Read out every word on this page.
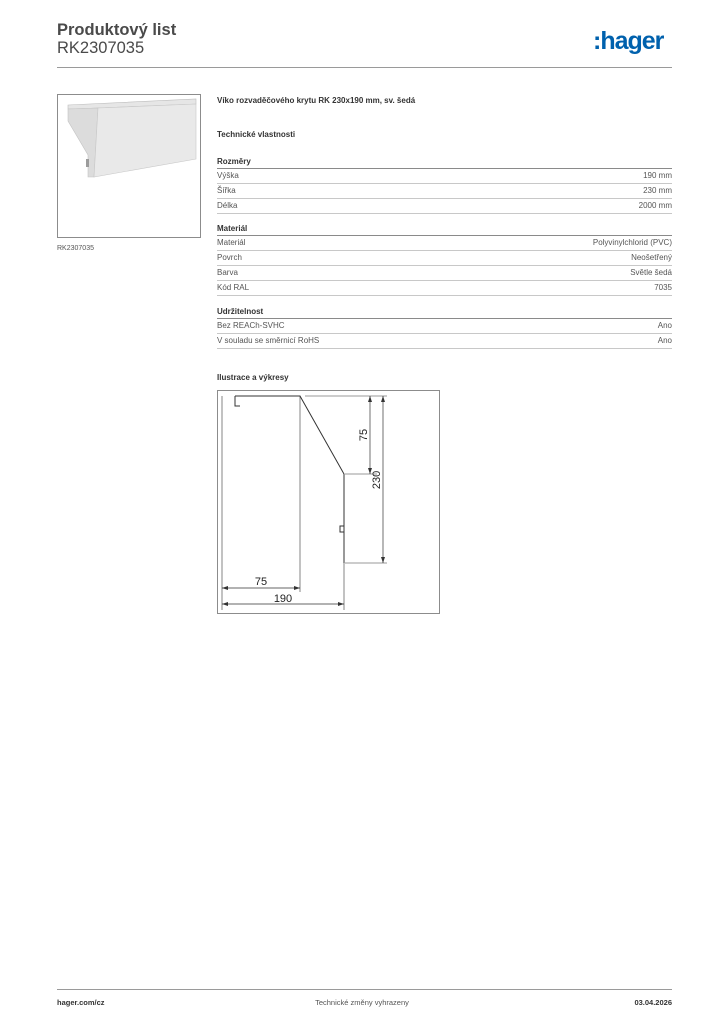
Produktový list
RK2307035	:hager
RK2307035
Víko rozvaděčového krytu RK 230x190 mm, sv. šedá
Technické vlastnosti
Rozměry
Výška	190 mm
Šířka	230 mm
Délka	2000 mm
Materiál
Materiál	Polyvinylchlorid (PVC)
Povrch	Neošetřený
Barva	Světle šedá
Kód RAL	7035
Udržitelnost
Bez REACh-SVHC	Ano
V souladu se směrnicí RoHS	Ano
Ilustrace a výkresy
75
230
75
190
hager.com/cz	Technické změny vyhrazeny	03.04.2026
